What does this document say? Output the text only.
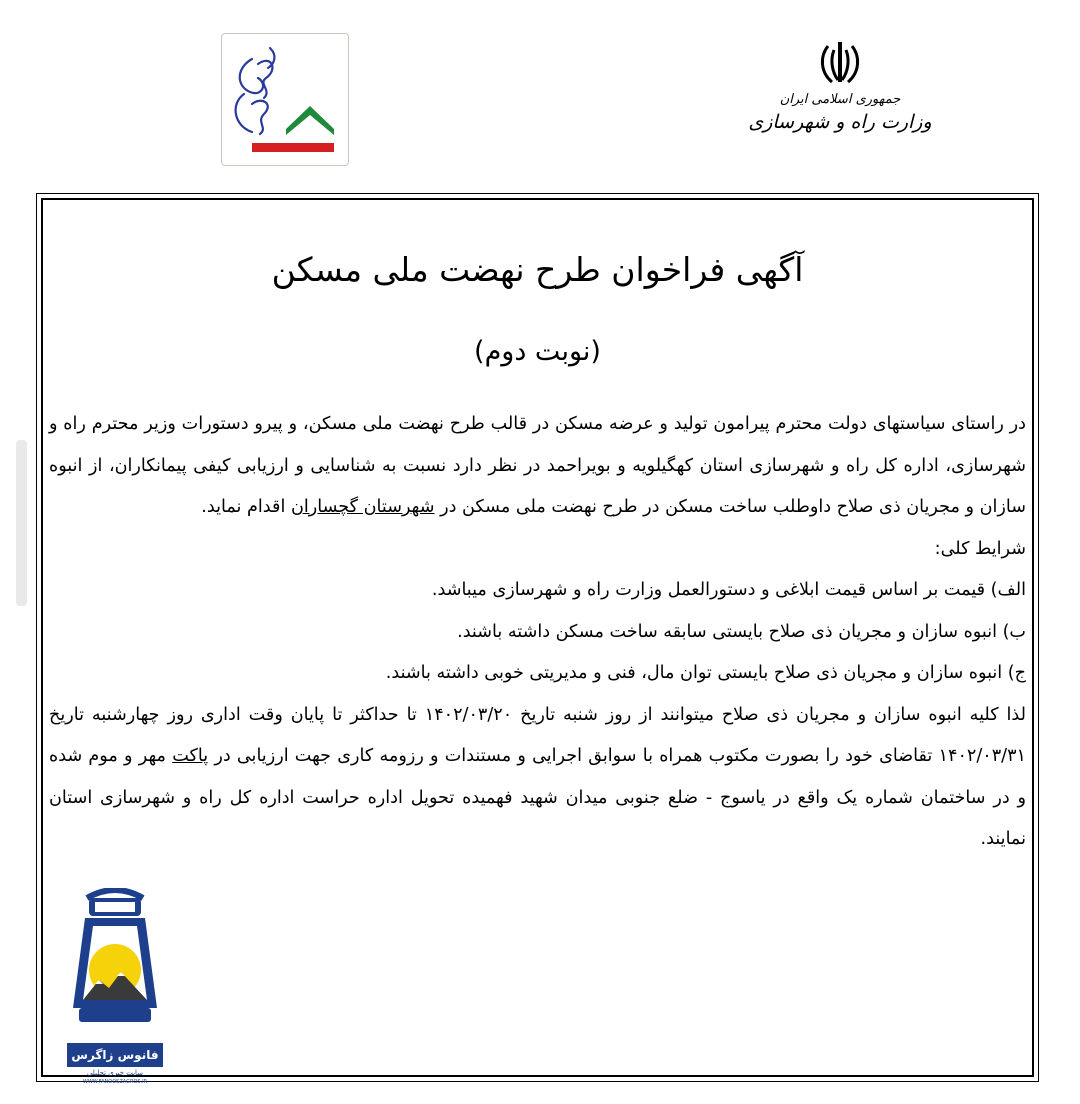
جمهوری اسلامی ایران
وزارت راه و شهرسازی
آگهی فراخوان طرح نهضت ملی مسکن
(نوبت دوم)

در راستای سیاستهای دولت محترم پیرامون تولید و عرضه مسکن در قالب طرح نهضت ملی مسکن، و پیرو دستورات وزیر محترم راه و شهرسازی، اداره کل راه و شهرسازی استان کهگیلویه و بویراحمد در نظر دارد نسبت به شناسایی و ارزیابی کیفی پیمانکاران، از انبوه سازان و مجریان ذی صلاح داوطلب ساخت مسکن در طرح نهضت ملی مسکن در شهرستان گچساران اقدام نماید.

شرایط کلی:

الف) قیمت بر اساس قیمت ابلاغی و دستورالعمل وزارت راه و شهرسازی میباشد.

ب) انبوه سازان و مجریان ذی صلاح بایستی سابقه ساخت مسکن داشته باشند.

ج) انبوه سازان و مجریان ذی صلاح بایستی توان مال، فنی و مدیریتی خوبی داشته باشند.

لذا کلیه انبوه سازان و مجریان ذی صلاح میتوانند از روز شنبه تاریخ ۱۴۰۲/۰۳/۲۰ تا حداکثر تا پایان وقت اداری روز چهارشنبه تاریخ ۱۴۰۲/۰۳/۳۱ تقاضای خود را بصورت مکتوب همراه با سوابق اجرایی و مستندات و رزومه کاری جهت ارزیابی در پاکت مهر و موم شده و در ساختمان شماره یک واقع در یاسوج - ضلع جنوبی میدان شهید فهمیده تحویل اداره حراست اداره کل راه و شهرسازی استان نمایند.

فانوس زاگرس
سایت خبری تحلیلی
WWW.FANOOSZAGROS.IR
